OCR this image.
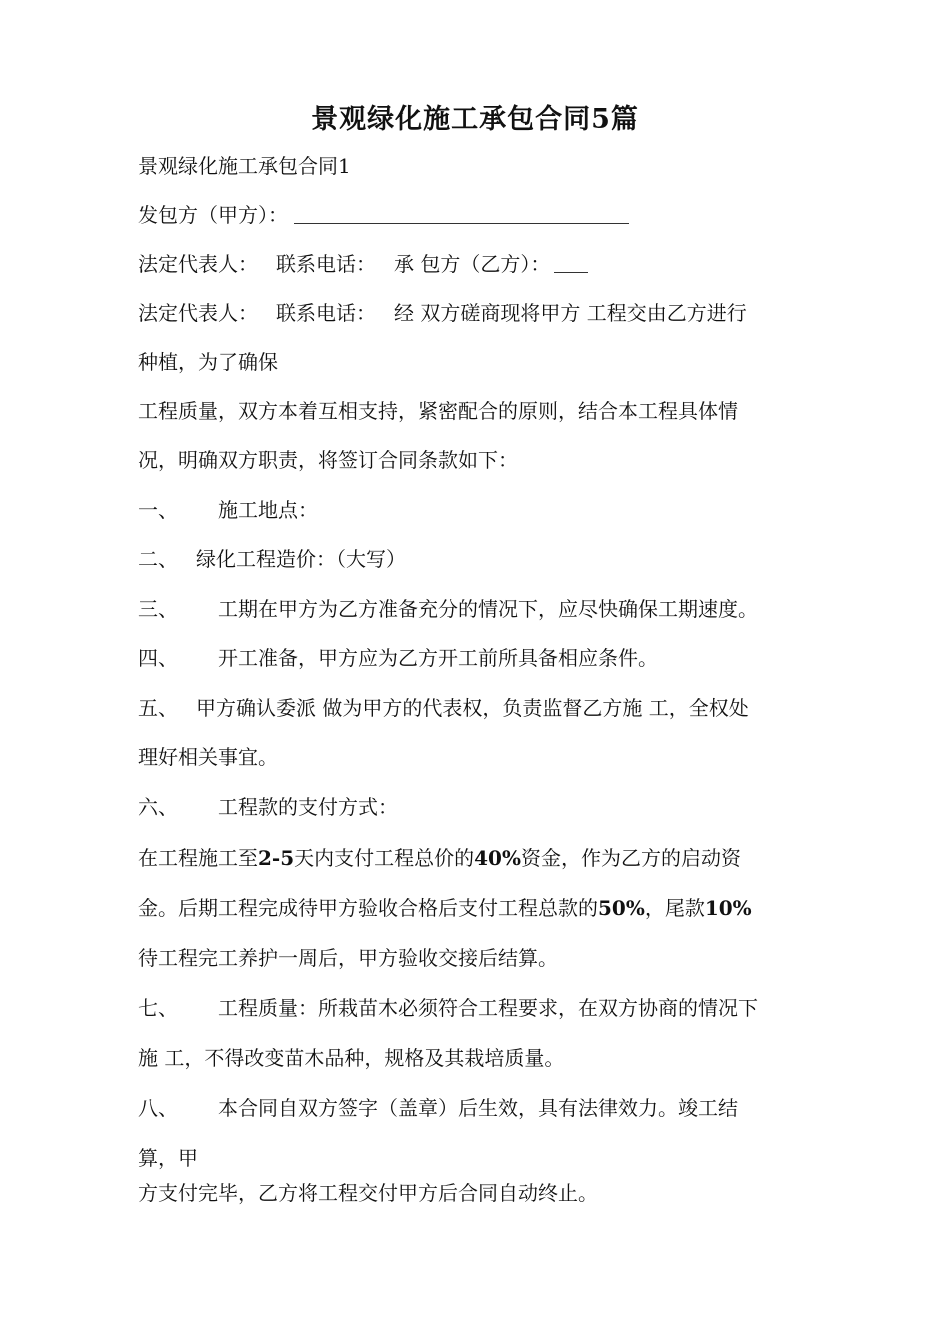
景观绿化施工承包合同5篇
景观绿化施工承包合同1
发包方（甲方）：
法定代表人： 联系电话： 承 包方（乙方）：
法定代表人： 联系电话： 经 双方磋商现将甲方 工程交由乙方进行
种植，为了确保
工程质量，双方本着互相支持，紧密配合的原则，结合本工程具体情
况，明确双方职责，将签订合同条款如下：
一、 施工地点：
二、 绿化工程造价：（大写）
三、 工期在甲方为乙方准备充分的情况下，应尽快确保工期速度。
四、 开工准备，甲方应为乙方开工前所具备相应条件。
五、 甲方确认委派 做为甲方的代表权，负责监督乙方施 工，全权处
理好相关事宜。
六、 工程款的支付方式：
在工程施工至2-5天内支付工程总价的40%资金，作为乙方的启动资
金。后期工程完成待甲方验收合格后支付工程总款的50%，尾款10%
待工程完工养护一周后，甲方验收交接后结算。
七、 工程质量：所栽苗木必须符合工程要求，在双方协商的情况下
施 工，不得改变苗木品种，规格及其栽培质量。
八、 本合同自双方签字（盖章）后生效，具有法律效力。竣工结
算，甲
方支付完毕，乙方将工程交付甲方后合同自动终止。
